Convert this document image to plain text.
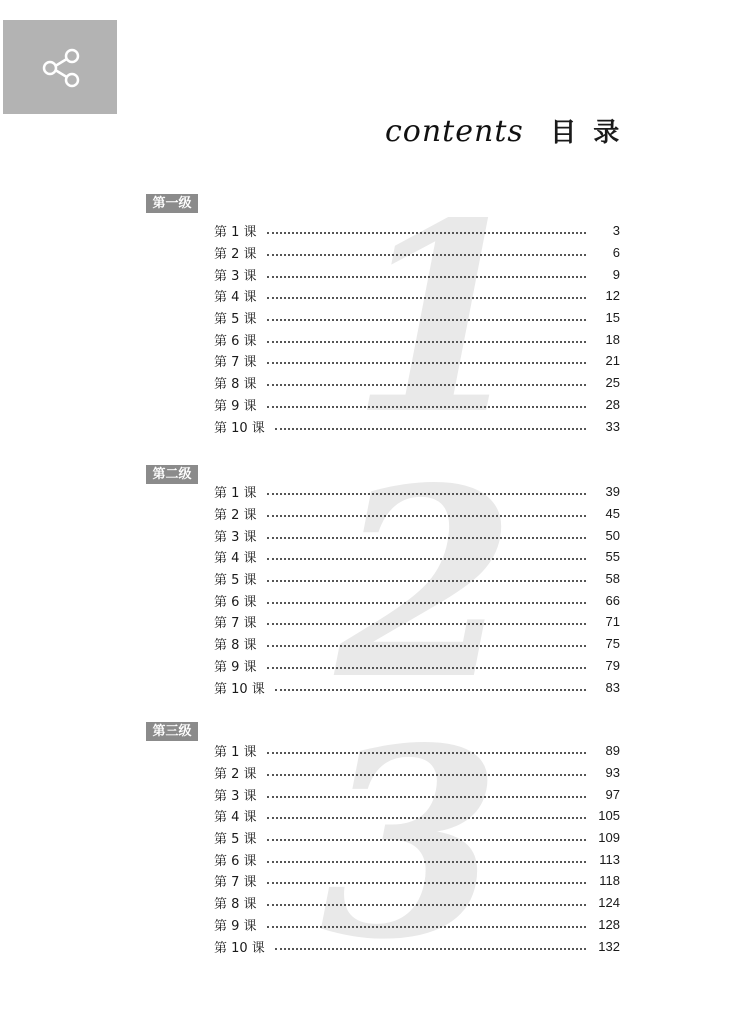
contents 目 录
1
2
3
第一级
第 1 课	3
第 2 课	6
第 3 课	9
第 4 课	12
第 5 课	15
第 6 课	18
第 7 课	21
第 8 课	25
第 9 课	28
第 10 课	33
第二级
第 1 课	39
第 2 课	45
第 3 课	50
第 4 课	55
第 5 课	58
第 6 课	66
第 7 课	71
第 8 课	75
第 9 课	79
第 10 课	83
第三级
第 1 课	89
第 2 课	93
第 3 课	97
第 4 课	105
第 5 课	109
第 6 课	113
第 7 课	118
第 8 课	124
第 9 课	128
第 10 课	132
